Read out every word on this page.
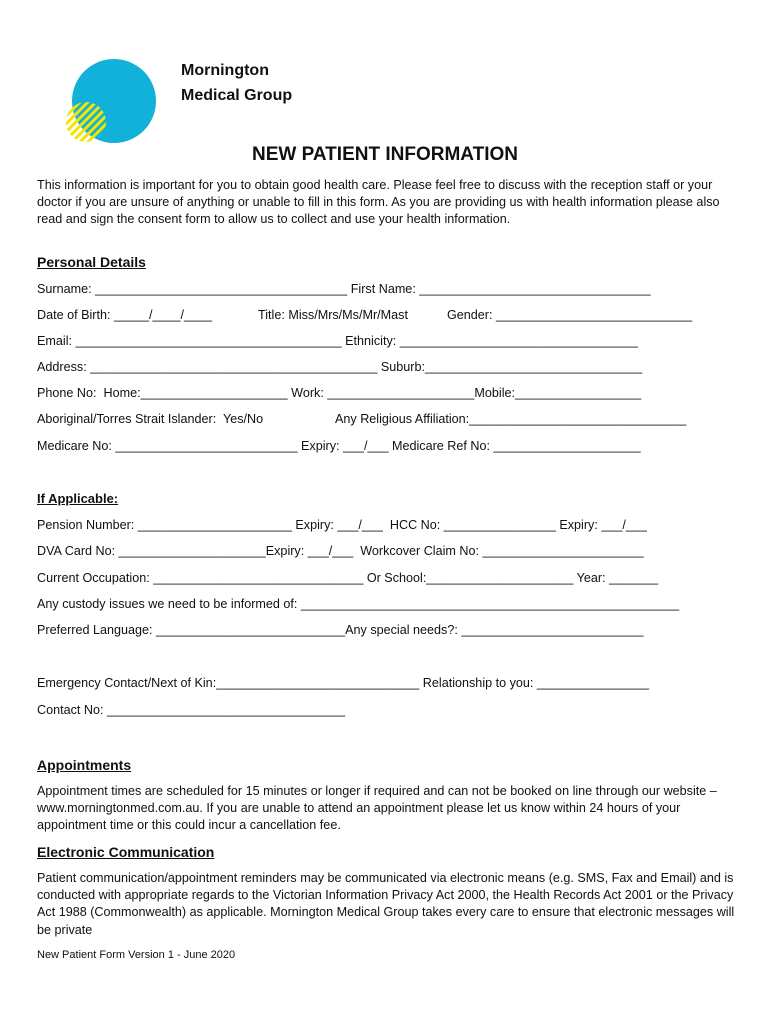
Mornington
Medical Group
NEW PATIENT INFORMATION
This information is important for you to obtain good health care. Please feel free to discuss with the reception staff or your doctor if you are unsure of anything or unable to fill in this form. As you are providing us with health information please also read and sign the consent form to allow us to collect and use your health information.
Personal Details
Surname: ____________________________________ First Name: _________________________________
Date of Birth: _____/____/____	Title: Miss/Mrs/Ms/Mr/Mast	Gender: ____________________________
Email: ______________________________________ Ethnicity: __________________________________
Address: _________________________________________ Suburb:_______________________________
Phone No:  Home:_____________________ Work: _____________________Mobile:__________________
Aboriginal/Torres Strait Islander:  Yes/No	Any Religious Affiliation:_______________________________
Medicare No: __________________________ Expiry: ___/___ Medicare Ref No: _____________________
If Applicable:
Pension Number: ______________________ Expiry: ___/___  HCC No: ________________ Expiry: ___/___
DVA Card No: _____________________Expiry: ___/___  Workcover Claim No: _______________________
Current Occupation: ______________________________ Or School:_____________________ Year: _______
Any custody issues we need to be informed of: ______________________________________________________
Preferred Language: ___________________________Any special needs?: __________________________
Emergency Contact/Next of Kin:_____________________________ Relationship to you: ________________
Contact No: __________________________________
Appointments
Appointment times are scheduled for 15 minutes or longer if required and can not be booked on line through our website – www.morningtonmed.com.au. If you are unable to attend an appointment please let us know within 24 hours of your appointment time or this could incur a cancellation fee.
Electronic Communication
Patient communication/appointment reminders may be communicated via electronic means (e.g. SMS, Fax and Email) and is conducted with appropriate regards to the Victorian Information Privacy Act 2000, the Health Records Act 2001 or the Privacy Act 1988 (Commonwealth) as applicable. Mornington Medical Group takes every care to ensure that electronic messages will be private
New Patient Form Version 1 - June 2020
